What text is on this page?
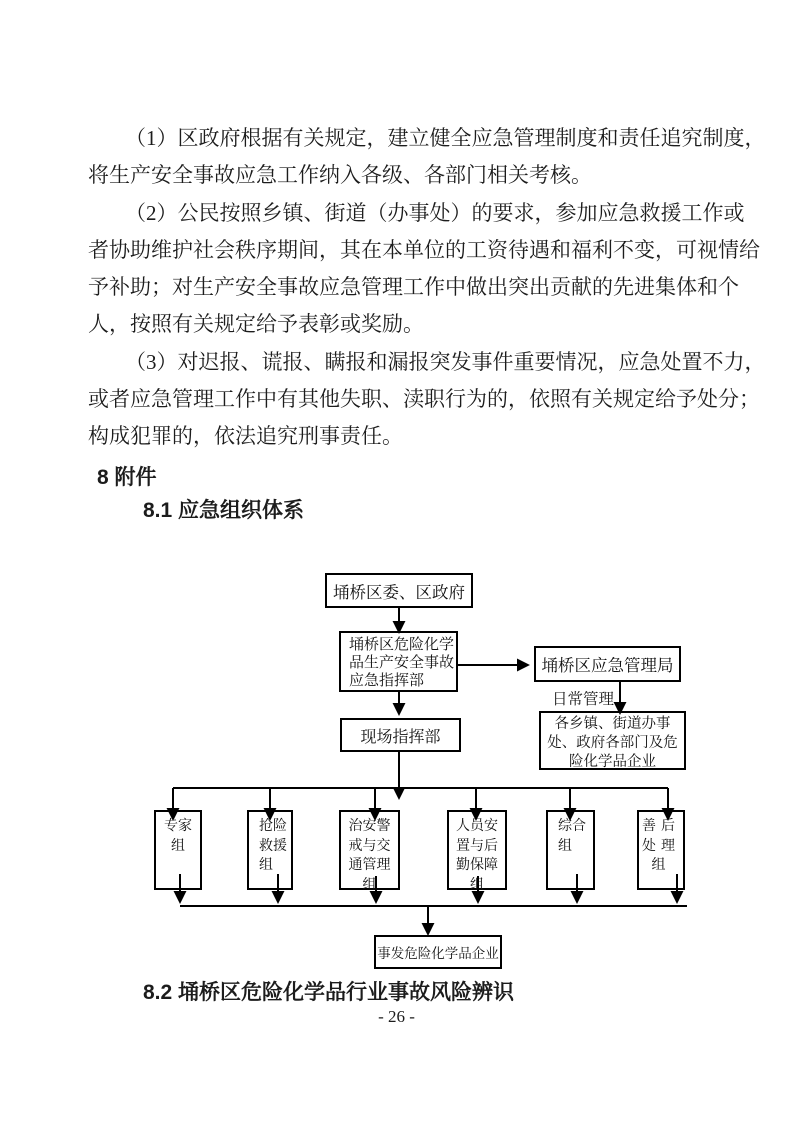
（1）区政府根据有关规定，建立健全应急管理制度和责任追究制度，
将生产安全事故应急工作纳入各级、各部门相关考核。
（2）公民按照乡镇、街道（办事处）的要求，参加应急救援工作或
者协助维护社会秩序期间，其在本单位的工资待遇和福利不变，可视情给
予补助；对生产安全事故应急管理工作中做出突出贡献的先进集体和个
人，按照有关规定给予表彰或奖励。
（3）对迟报、谎报、瞒报和漏报突发事件重要情况，应急处置不力，
或者应急管理工作中有其他失职、渎职行为的，依照有关规定给予处分；
构成犯罪的，依法追究刑事责任。
8 附件
8.1 应急组织体系
8.2 埇桥区危险化学品行业事故风险辨识
埇桥区委、区政府
埇桥区危险化学
品生产安全事故
应急指挥部
埇桥区应急管理局
日常管理
各乡镇、街道办事
处、政府各部门及危
险化学品企业
现场指挥部
专家
组
抢险
救援
组
治安警
戒与交
通管理
组
人员安
置与后
勤保障
组
综合
组
善后
处理
组
事发危险化学品企业
- 26 -
